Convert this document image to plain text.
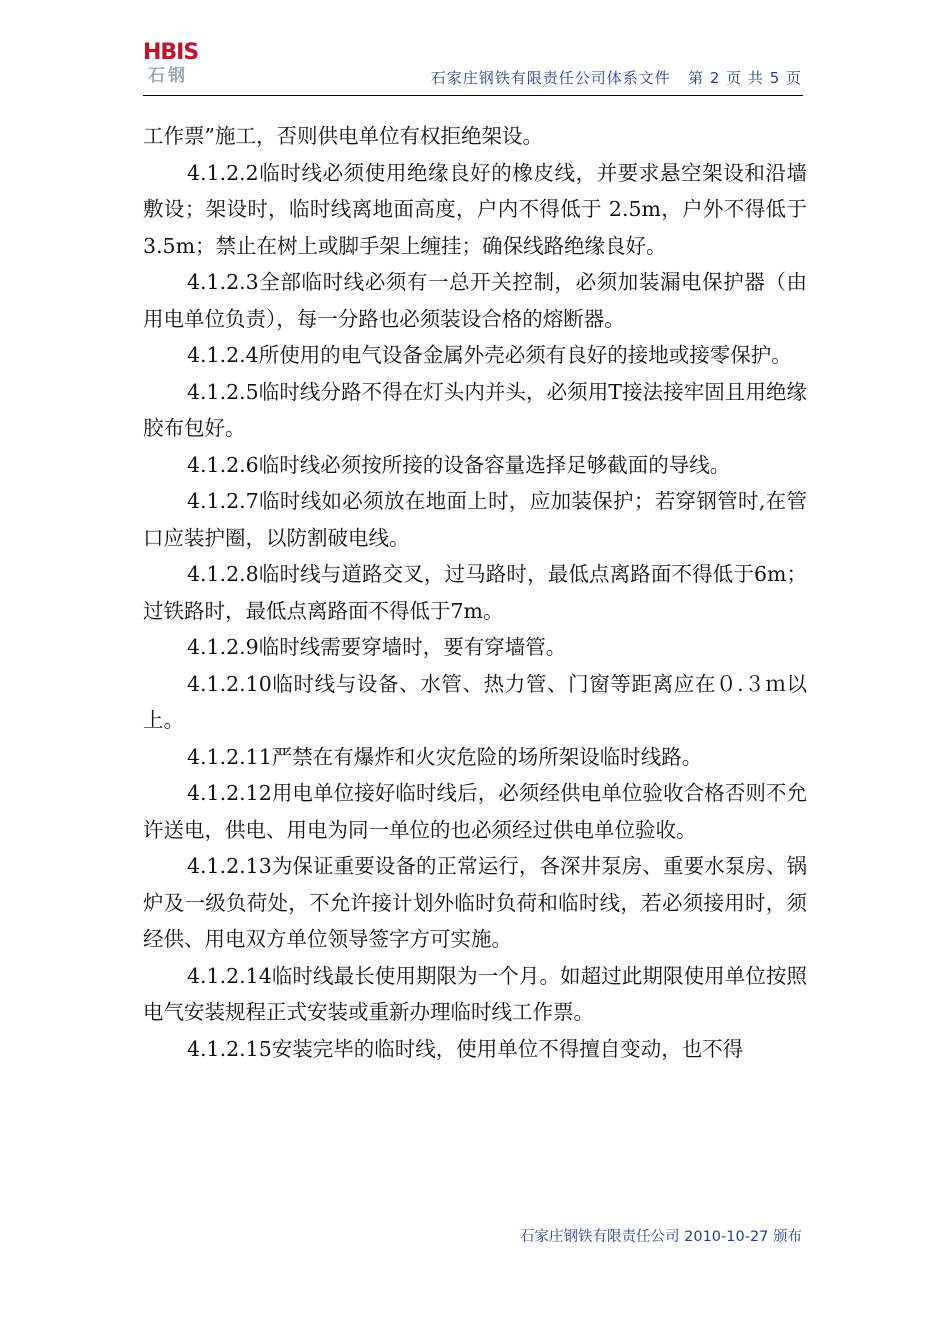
HBIS
石钢	石家庄钢铁有限责任公司体系文件   第 2 页 共 5 页

工作票”施工，否则供电单位有权拒绝架设。

4.1.2.2临时线必须使用绝缘良好的橡皮线，并要求悬空架设和沿墙敷设；架设时，临时线离地面高度，户内不得低于 2.5m，户外不得低于 3.5m；禁止在树上或脚手架上缠挂；确保线路绝缘良好。

4.1.2.3全部临时线必须有一总开关控制，必须加装漏电保护器（由用电单位负责），每一分路也必须装设合格的熔断器。

4.1.2.4所使用的电气设备金属外壳必须有良好的接地或接零保护。

4.1.2.5临时线分路不得在灯头内并头，必须用T接法接牢固且用绝缘胶布包好。

4.1.2.6临时线必须按所接的设备容量选择足够截面的导线。

4.1.2.7临时线如必须放在地面上时，应加装保护；若穿钢管时,在管口应装护圈，以防割破电线。

4.1.2.8临时线与道路交叉，过马路时，最低点离路面不得低于6m；过铁路时，最低点离路面不得低于7m。

4.1.2.9临时线需要穿墙时，要有穿墙管。

4.1.2.10临时线与设备、水管、热力管、门窗等距离应在０.３ｍ以上。

4.1.2.11严禁在有爆炸和火灾危险的场所架设临时线路。

4.1.2.12用电单位接好临时线后，必须经供电单位验收合格否则不允许送电，供电、用电为同一单位的也必须经过供电单位验收。

4.1.2.13为保证重要设备的正常运行，各深井泵房、重要水泵房、锅炉及一级负荷处，不允许接计划外临时负荷和临时线，若必须接用时，须经供、用电双方单位领导签字方可实施。

4.1.2.14临时线最长使用期限为一个月。如超过此期限使用单位按照电气安装规程正式安装或重新办理临时线工作票。

4.1.2.15安装完毕的临时线，使用单位不得擅自变动，也不得

石家庄钢铁有限责任公司 2010-10-27 颁布
